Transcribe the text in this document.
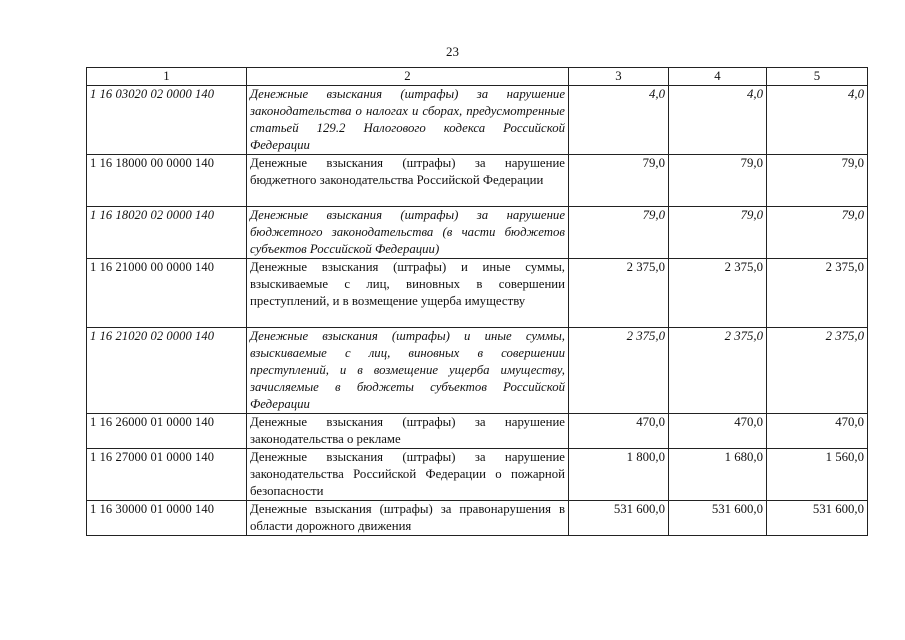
23
1	2	3	4	5
1 16 03020 02 0000 140	Денежные взыскания (штрафы) за нарушение законодательства о налогах и сборах, предусмотренные статьей 129.2 Налогового кодекса Российской Федерации	4,0	4,0	4,0
1 16 18000 00 0000 140	Денежные взыскания (штрафы) за нарушение бюджетного законодательства Российской Федерации	79,0	79,0	79,0
1 16 18020 02 0000 140	Денежные взыскания (штрафы) за нарушение бюджетного законодательства (в части бюджетов субъектов Российской Федерации)	79,0	79,0	79,0
1 16 21000 00 0000 140	Денежные взыскания (штрафы) и иные суммы, взыскиваемые с лиц, виновных в совершении преступлений, и в возмещение ущерба имуществу	2 375,0	2 375,0	2 375,0
1 16 21020 02 0000 140	Денежные взыскания (штрафы) и иные суммы, взыскиваемые с лиц, виновных в совершении преступлений, и в возмещение ущерба имуществу, зачисляемые в бюджеты субъектов Российской Федерации	2 375,0	2 375,0	2 375,0
1 16 26000 01 0000 140	Денежные взыскания (штрафы) за нарушение законодательства о рекламе	470,0	470,0	470,0
1 16 27000 01 0000 140	Денежные взыскания (штрафы) за нарушение законодательства Российской Федерации о пожарной безопасности	1 800,0	1 680,0	1 560,0
1 16 30000 01 0000 140	Денежные взыскания (штрафы) за правонарушения в области дорожного движения	531 600,0	531 600,0	531 600,0
